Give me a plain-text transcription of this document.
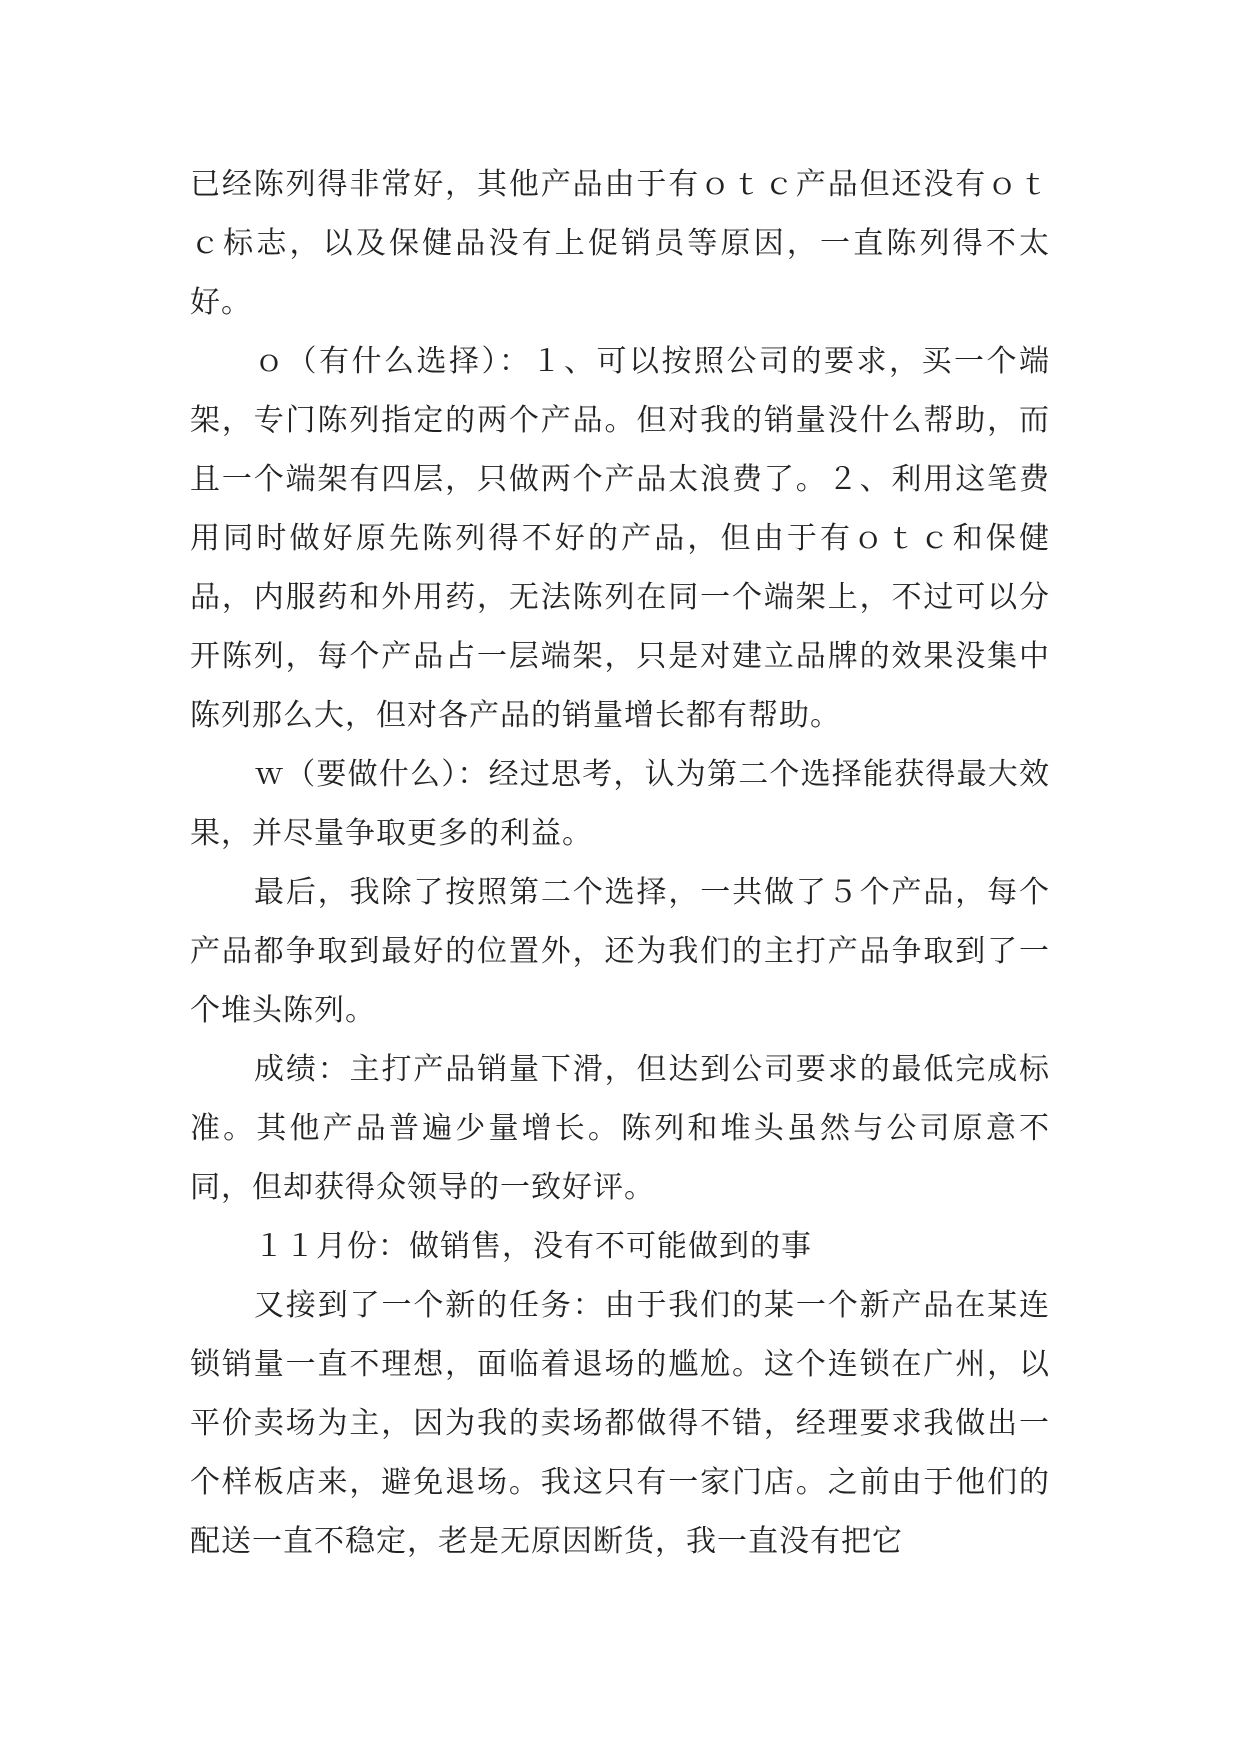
已经陈列得非常好，其他产品由于有ｏｔｃ产品但还没有ｏｔｃ标志，以及保健品没有上促销员等原因，一直陈列得不太好。

ｏ（有什么选择）：１、可以按照公司的要求，买一个端架，专门陈列指定的两个产品。但对我的销量没什么帮助，而且一个端架有四层，只做两个产品太浪费了。２、利用这笔费用同时做好原先陈列得不好的产品，但由于有ｏｔｃ和保健品，内服药和外用药，无法陈列在同一个端架上，不过可以分开陈列，每个产品占一层端架，只是对建立品牌的效果没集中陈列那么大，但对各产品的销量增长都有帮助。

ｗ（要做什么）：经过思考，认为第二个选择能获得最大效果，并尽量争取更多的利益。

最后，我除了按照第二个选择，一共做了５个产品，每个产品都争取到最好的位置外，还为我们的主打产品争取到了一个堆头陈列。

成绩：主打产品销量下滑，但达到公司要求的最低完成标准。其他产品普遍少量增长。陈列和堆头虽然与公司原意不同，但却获得众领导的一致好评。

１１月份：做销售，没有不可能做到的事

又接到了一个新的任务：由于我们的某一个新产品在某连锁销量一直不理想，面临着退场的尴尬。这个连锁在广州，以平价卖场为主，因为我的卖场都做得不错，经理要求我做出一个样板店来，避免退场。我这只有一家门店。之前由于他们的配送一直不稳定，老是无原因断货，我一直没有把它
